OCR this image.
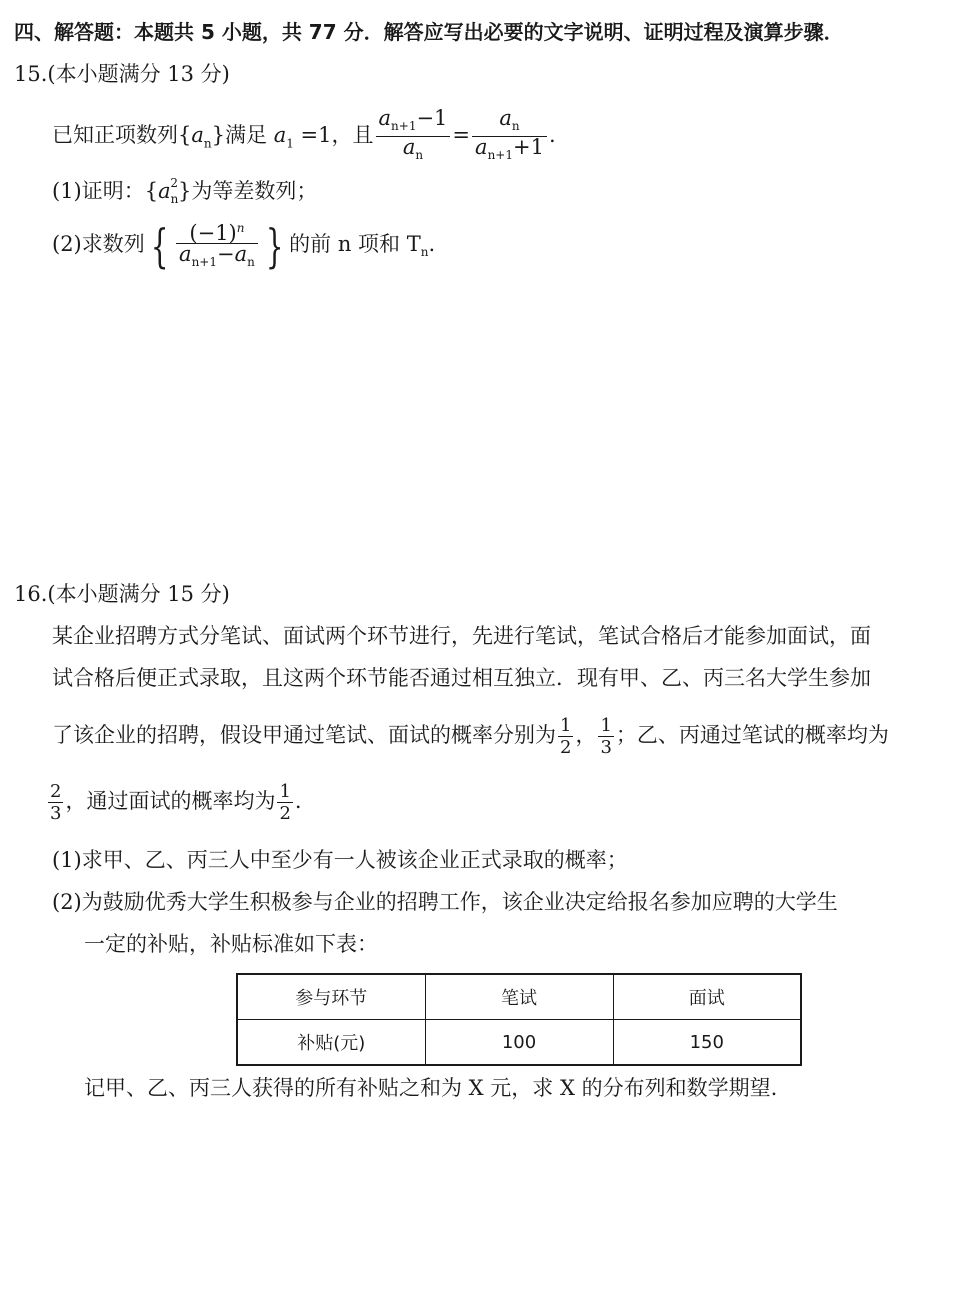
四、解答题：本题共 5 小题，共 77 分．解答应写出必要的文字说明、证明过程及演算步骤．
15.(本小题满分 13 分)
已知正项数列$\{a_n\}$满足 $a_1 =1$，且 $\frac{a_{n+1}-1}{a_n} = \frac{a_n}{a_{n+1}+1}$ .
(1)证明：$\{a_n^2\}$为等差数列；
(2)求数列 { $\frac{(-1)^n}{a_{n+1}-a_n}$ } 的前 n 项和 $T_n$.
16.(本小题满分 15 分)
某企业招聘方式分笔试、面试两个环节进行，先进行笔试，笔试合格后才能参加面试，面
试合格后便正式录取，且这两个环节能否通过相互独立．现有甲、乙、丙三名大学生参加
了该企业的招聘，假设甲通过笔试、面试的概率分别为 $\frac{1}{2}$ ， $\frac{1}{3}$ ；乙、丙通过笔试的概率均为
$\frac{2}{3}$ ，通过面试的概率均为 $\frac{1}{2}$ .
(1)求甲、乙、丙三人中至少有一人被该企业正式录取的概率；
(2)为鼓励优秀大学生积极参与企业的招聘工作，该企业决定给报名参加应聘的大学生
一定的补贴，补贴标准如下表：
参与环节	笔试	面试
补贴(元)	100	150
记甲、乙、丙三人获得的所有补贴之和为 X 元，求 X 的分布列和数学期望.
